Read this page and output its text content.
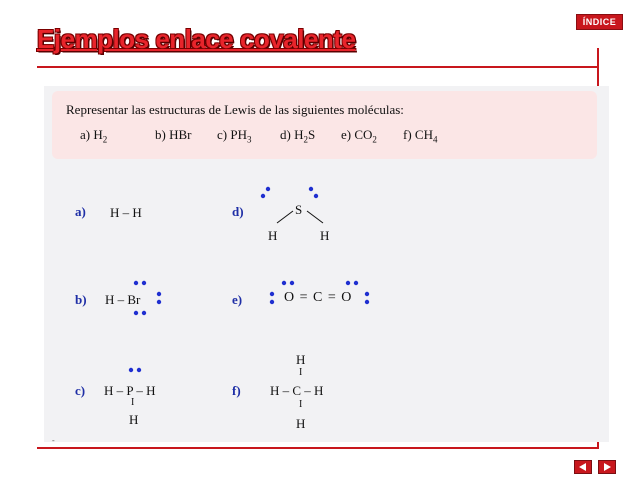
ÍNDICE
Ejemplos enlace covalente
Representar las estructuras de Lewis de las siguientes moléculas:
a) $H_2$	b) HBr	c) $PH_3$	d) $H_2S$	e) $CO_2$	f) $CH_4$
a) H – H
b) H – Br
c) H – P – H
I
H
d)	S
H	H
e)	O = C = O
f)
H
I
H – C – H
I
H
-
